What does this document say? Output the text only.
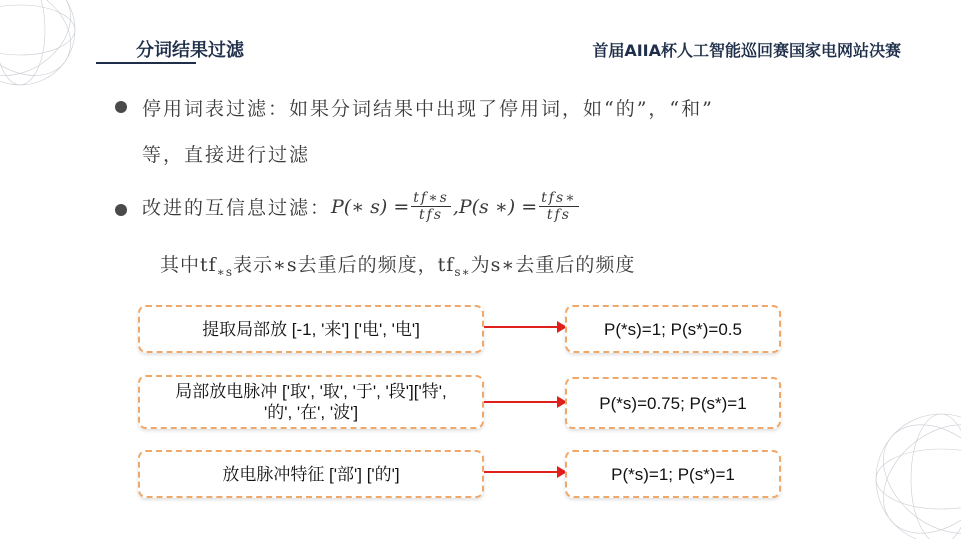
分词结果过滤	首届AIIA杯人工智能巡回赛国家电网站决赛
停用词表过滤：如果分词结果中出现了停用词，如“的”，“和”
等，直接进行过滤
改进的互信息过滤： P(∗ $s) = \frac{tf∗s}{\text{tfs}}$ , P(s ∗) = $\frac{\text{tfs∗}}{\text{tfs}}$
其中$tf_{∗s}$表示∗s去重后的频度，$tf_{s∗}$为s∗去重后的频度
提取局部放 [-1, '来'] ['电', '电']	P(*s)=1; P(s*)=0.5
局部放电脉冲 ['取', '取', '于', '段']['特',
'的', '在', '波']	P(*s)=0.75; P(s*)=1
放电脉冲特征 ['部'] ['的']	P(*s)=1; P(s*)=1
